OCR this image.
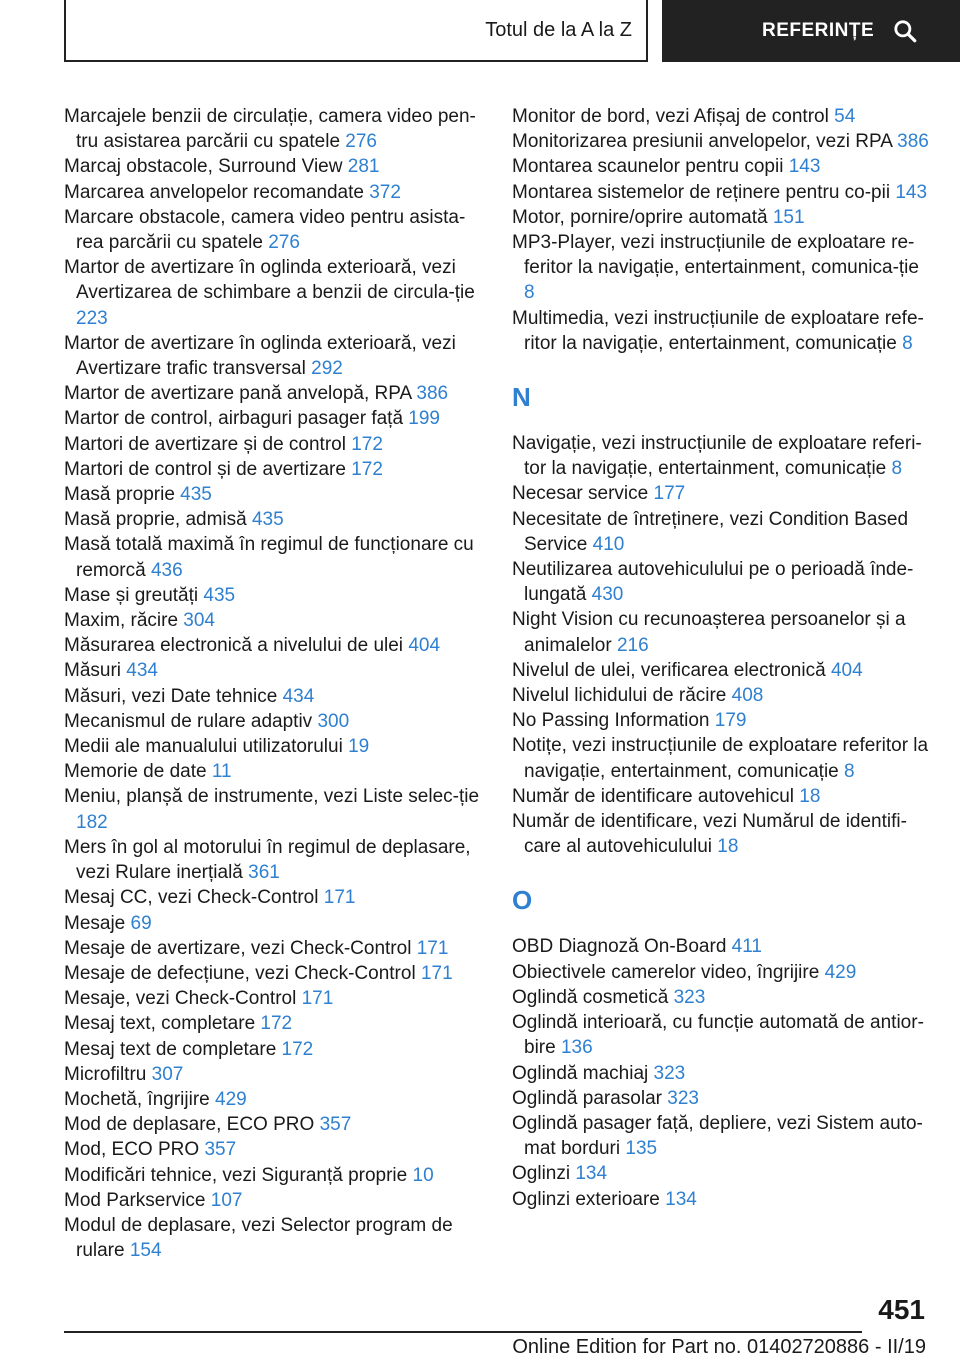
Totul de la A la Z	REFERINȚE
Marcajele benzii de circulație, camera video pen-tru asistarea parcării cu spatele 276
Marcaj obstacole, Surround View 281
Marcarea anvelopelor recomandate 372
Marcare obstacole, camera video pentru asista-rea parcării cu spatele 276
Martor de avertizare în oglinda exterioară, vezi Avertizarea de schimbare a benzii de circula-ție 223
Martor de avertizare în oglinda exterioară, vezi Avertizare trafic transversal 292
Martor de avertizare pană anvelopă, RPA 386
Martor de control, airbaguri pasager față 199
Martori de avertizare și de control 172
Martori de control și de avertizare 172
Masă proprie 435
Masă proprie, admisă 435
Masă totală maximă în regimul de funcționare cu remorcă 436
Mase și greutăți 435
Maxim, răcire 304
Măsurarea electronică a nivelului de ulei 404
Măsuri 434
Măsuri, vezi Date tehnice 434
Mecanismul de rulare adaptiv 300
Medii ale manualului utilizatorului 19
Memorie de date 11
Meniu, planșă de instrumente, vezi Liste selec-ție 182
Mers în gol al motorului în regimul de deplasare, vezi Rulare inerțială 361
Mesaj CC, vezi Check-Control 171
Mesaje 69
Mesaje de avertizare, vezi Check-Control 171
Mesaje de defecțiune, vezi Check-Control 171
Mesaje, vezi Check-Control 171
Mesaj text, completare 172
Mesaj text de completare 172
Microfiltru 307
Mochetă, îngrijire 429
Mod de deplasare, ECO PRO 357
Mod, ECO PRO 357
Modificări tehnice, vezi Siguranță proprie 10
Mod Parkservice 107
Modul de deplasare, vezi Selector program de rulare 154
Monitor de bord, vezi Afișaj de control 54
Monitorizarea presiunii anvelopelor, vezi RPA 386
Montarea scaunelor pentru copii 143
Montarea sistemelor de reținere pentru co-pii 143
Motor, pornire/oprire automată 151
MP3-Player, vezi instrucțiunile de exploatare re-feritor la navigație, entertainment, comunica-ție 8
Multimedia, vezi instrucțiunile de exploatare refe-ritor la navigație, entertainment, comunicație 8
N
Navigație, vezi instrucțiunile de exploatare referi-tor la navigație, entertainment, comunicație 8
Necesar service 177
Necesitate de întreținere, vezi Condition Based Service 410
Neutilizarea autovehiculului pe o perioadă înde-lungată 430
Night Vision cu recunoașterea persoanelor și a animalelor 216
Nivelul de ulei, verificarea electronică 404
Nivelul lichidului de răcire 408
No Passing Information 179
Notițe, vezi instrucțiunile de exploatare referitor la navigație, entertainment, comunicație 8
Număr de identificare autovehicul 18
Număr de identificare, vezi Numărul de identifi-care al autovehiculului 18
O
OBD Diagnoză On-Board 411
Obiectivele camerelor video, îngrijire 429
Oglindă cosmetică 323
Oglindă interioară, cu funcție automată de antior-bire 136
Oglindă machiaj 323
Oglindă parasolar 323
Oglindă pasager față, depliere, vezi Sistem auto-mat borduri 135
Oglinzi 134
Oglinzi exterioare 134
451
Online Edition for Part no. 01402720886 - II/19
